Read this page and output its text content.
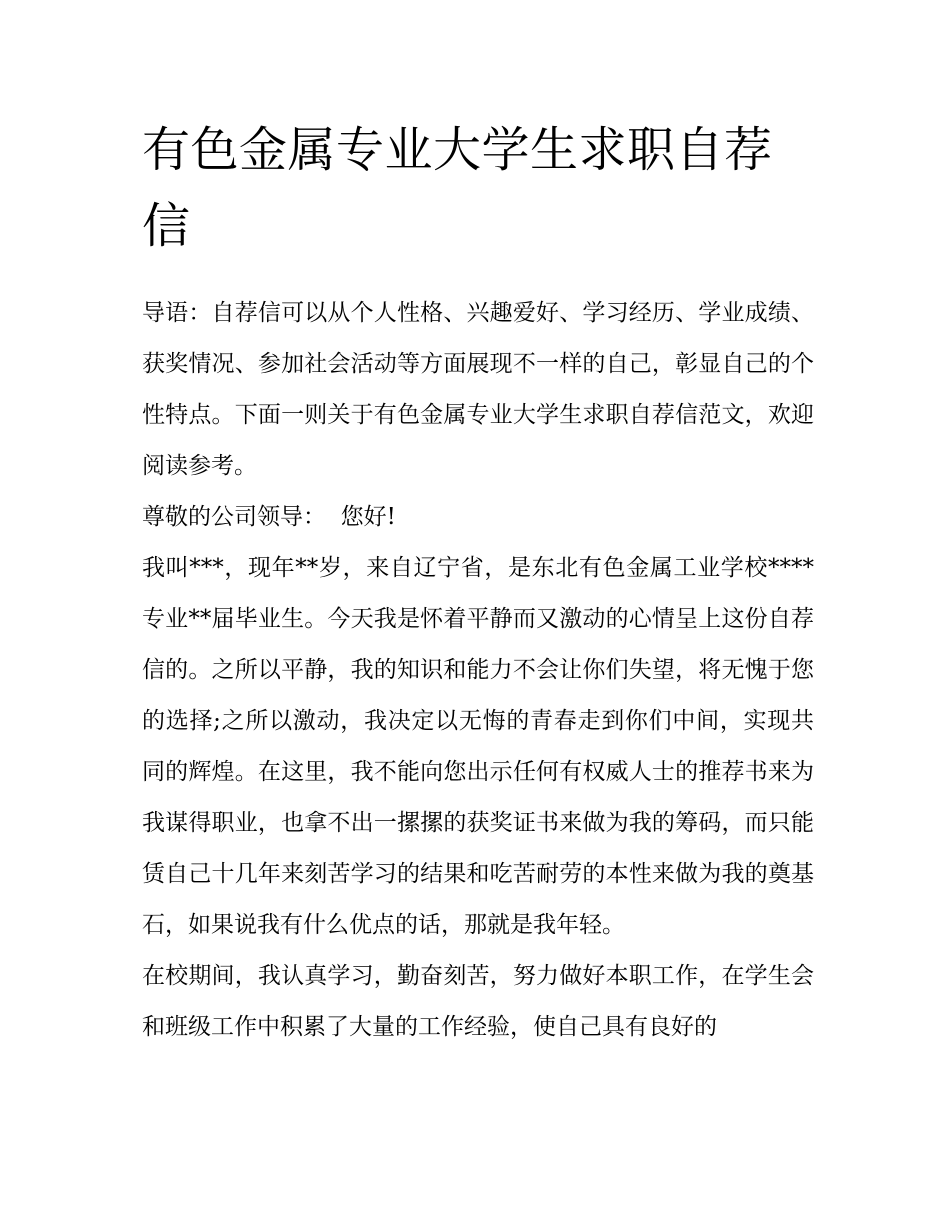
有色金属专业大学生求职自荐信

导语：自荐信可以从个人性格、兴趣爱好、学习经历、学业成绩、获奖情况、参加社会活动等方面展现不一样的自己，彰显自己的个性特点。下面一则关于有色金属专业大学生求职自荐信范文，欢迎阅读参考。

尊敬的公司领导：  您好!

我叫***，现年**岁，来自辽宁省，是东北有色金属工业学校****专业**届毕业生。今天我是怀着平静而又激动的心情呈上这份自荐信的。之所以平静，我的知识和能力不会让你们失望，将无愧于您的选择;之所以激动，我决定以无悔的青春走到你们中间，实现共同的辉煌。在这里，我不能向您出示任何有权威人士的推荐书来为我谋得职业，也拿不出一摞摞的获奖证书来做为我的筹码，而只能赁自己十几年来刻苦学习的结果和吃苦耐劳的本性来做为我的奠基石，如果说我有什么优点的话，那就是我年轻。

在校期间，我认真学习，勤奋刻苦，努力做好本职工作，在学生会和班级工作中积累了大量的工作经验，使自己具有良好的
